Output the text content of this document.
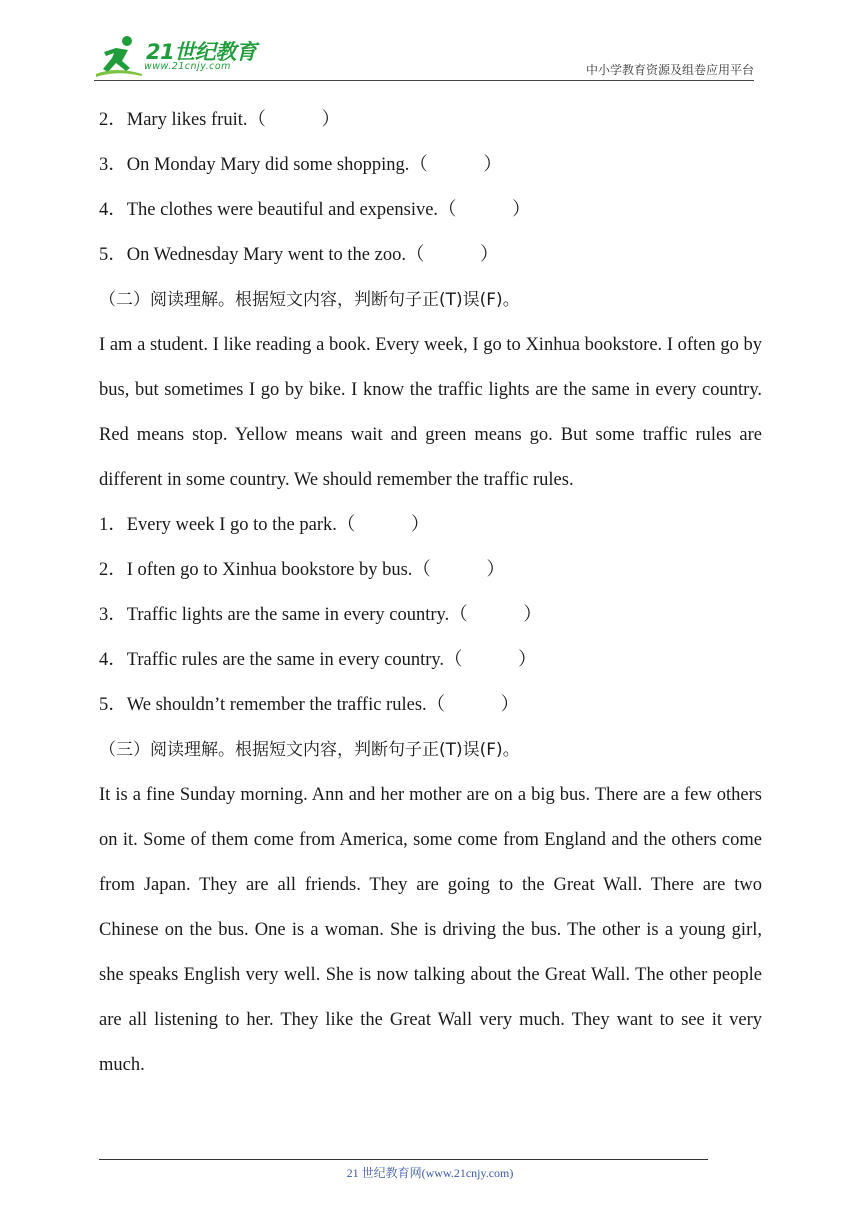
21世纪教育
www.21cnjy.com	中小学教育资源及组卷应用平台
2．Mary likes fruit.（　　　）
3．On Monday Mary did some shopping.（　　　）
4．The clothes were beautiful and expensive.（　　　）
5．On Wednesday Mary went to the zoo.（　　　）
（二）阅读理解。根据短文内容，判断句子正(T)误(F)。

I am a student. I like reading a book. Every week, I go to Xinhua bookstore. I often go by bus, but sometimes I go by bike. I know the traffic lights are the same in every country. Red means stop. Yellow means wait and green means go. But some traffic rules are different in some country. We should remember the traffic rules.

1．Every week I go to the park.（　　　）
2．I often go to Xinhua bookstore by bus.（　　　）
3．Traffic lights are the same in every country.（　　　）
4．Traffic rules are the same in every country.（　　　）
5．We shouldn’t remember the traffic rules.（　　　）
（三）阅读理解。根据短文内容，判断句子正(T)误(F)。

It is a fine Sunday morning. Ann and her mother are on a big bus. There are a few others on it. Some of them come from America, some come from England and the others come from Japan. They are all friends. They are going to the Great Wall. There are two Chinese on the bus. One is a woman. She is driving the bus. The other is a young girl, she speaks English very well. She is now talking about the Great Wall. The other people are all listening to her. They like the Great Wall very much. They want to see it very much.

21 世纪教育网(www.21cnjy.com)
